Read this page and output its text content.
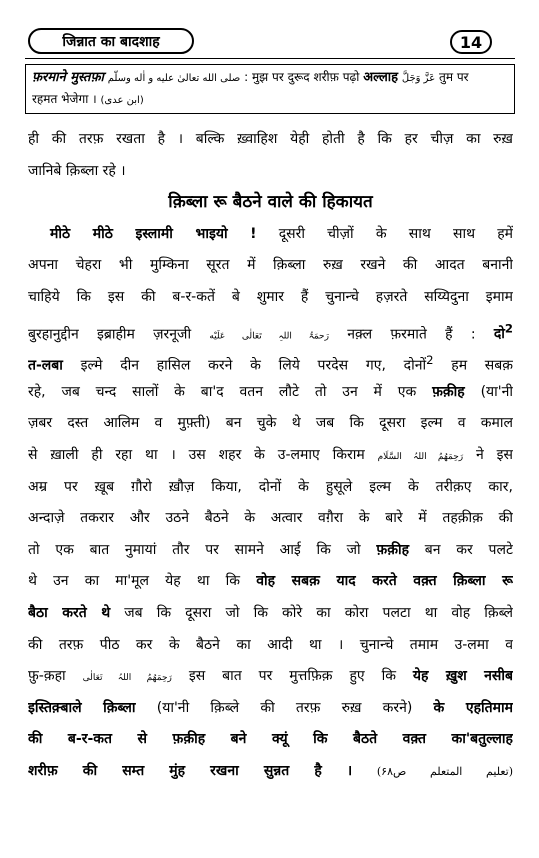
जिन्नात का बादशाह	14
फ़रमाने मुस्तफ़ा صلى الله تعالیٰ علیه و اٰله وسلّم : मुझ पर दुरूद शरीफ़ पढ़ो अल्लाह عَزَّ وَجَلَّ तुम पर
रहमत भेजेगा । (ابن عدی)
ही की तरफ़ रखता है । बल्कि ख़्वाहिश येही होती है कि हर चीज़ का रुख़
जानिबे क़िब्ला रहे ।
क़िब्ला रू बैठने वाले की हिकायत
मीठे मीठे इस्लामी भाइयो ! दूसरी चीज़ों के साथ साथ हमें
अपना चेहरा भी मुम्किना सूरत में क़िब्ला रुख़ रखने की आदत बनानी
चाहिये कि इस की ब-र-कतें बे शुमार हैं चुनान्चे हज़रते सय्यिदुना इमाम
बुरहानुद्दीन इब्राहीम ज़रनूजी رَحمَۃُ اللہِ تَعَالٰی عَلَیْه नक़्ल फ़रमाते हैं : दो$^2$
त-लबा इल्मे दीन हासिल करने के लिये परदेस गए, दोनों$^2$ हम सबक़
रहे, जब चन्द सालों के बा'द वतन लौटे तो उन में एक फ़क़ीह (या'नी
ज़बर दस्त आलिम व मुफ़्ती) बन चुके थे जब कि दूसरा इल्म व कमाल
से ख़ाली ही रहा था । उस शहर के उ-लमाए किराम رَحِمَهُمُ اللہُ السَّلَام ने इस
अम्र पर ख़ूब ग़ौरो ख़ौज़ किया, दोनों के हुसूले इल्म के तरीक़ए कार,
अन्दाज़े तकरार और उठने बैठने के अत्वार वग़ैरा के बारे में तहक़ीक़ की
तो एक बात नुमायां तौर पर सामने आई कि जो फ़क़ीह बन कर पलटे
थे उन का मा'मूल येह था कि वोह सबक़ याद करते वक़्त क़िब्ला रू
बैठा करते थे जब कि दूसरा जो कि कोरे का कोरा पलटा था वोह क़िब्ले
की तरफ़ पीठ कर के बैठने का आदी था । चुनान्चे तमाम उ-लमा व
फ़ु-क़हा رَحِمَهُمُ اللہُ تَعَالٰی इस बात पर मुत्तफ़िक़ हुए कि येह ख़ुश नसीब
इस्तिक़्बाले क़िब्ला (या'नी क़िब्ले की तरफ़ रुख़ करने) के एहतिमाम
की ब-र-कत से फ़क़ीह बने क्यूं कि बैठते वक़्त का'बतुल्लाह
शरीफ़ की सम्त मुंह रखना सुन्नत है । (تعلیم المتعلم ص۶۸)
